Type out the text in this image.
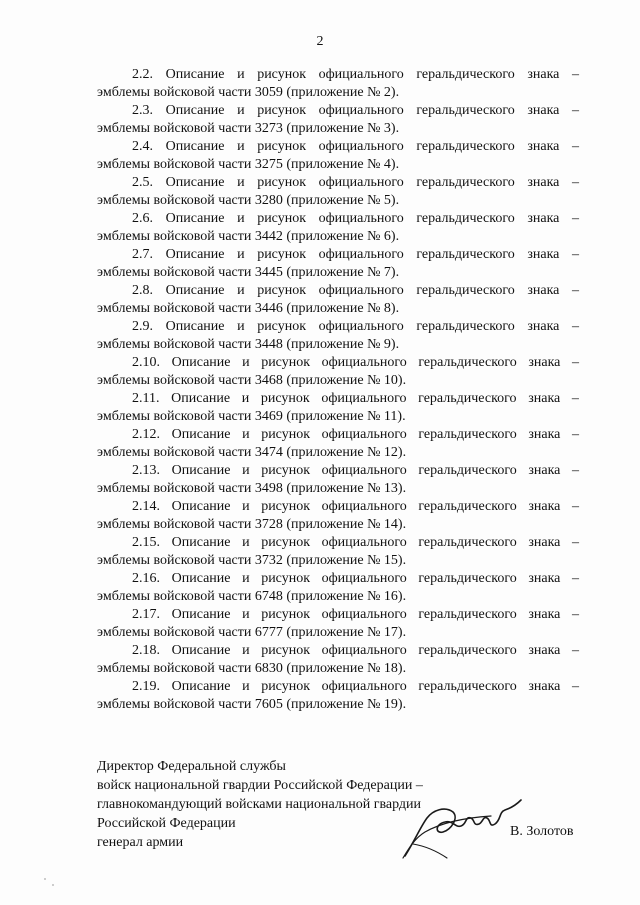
2
2.2. Описание и рисунок официального геральдического знака –
эмблемы войсковой части 3059 (приложение № 2).
2.3. Описание и рисунок официального геральдического знака –
эмблемы войсковой части 3273 (приложение № 3).
2.4. Описание и рисунок официального геральдического знака –
эмблемы войсковой части 3275 (приложение № 4).
2.5. Описание и рисунок официального геральдического знака –
эмблемы войсковой части 3280 (приложение № 5).
2.6. Описание и рисунок официального геральдического знака –
эмблемы войсковой части 3442 (приложение № 6).
2.7. Описание и рисунок официального геральдического знака –
эмблемы войсковой части 3445 (приложение № 7).
2.8. Описание и рисунок официального геральдического знака –
эмблемы войсковой части 3446 (приложение № 8).
2.9. Описание и рисунок официального геральдического знака –
эмблемы войсковой части 3448 (приложение № 9).
2.10. Описание и рисунок официального геральдического знака –
эмблемы войсковой части 3468 (приложение № 10).
2.11. Описание и рисунок официального геральдического знака –
эмблемы войсковой части 3469 (приложение № 11).
2.12. Описание и рисунок официального геральдического знака –
эмблемы войсковой части 3474 (приложение № 12).
2.13. Описание и рисунок официального геральдического знака –
эмблемы войсковой части 3498 (приложение № 13).
2.14. Описание и рисунок официального геральдического знака –
эмблемы войсковой части 3728 (приложение № 14).
2.15. Описание и рисунок официального геральдического знака –
эмблемы войсковой части 3732 (приложение № 15).
2.16. Описание и рисунок официального геральдического знака –
эмблемы войсковой части 6748 (приложение № 16).
2.17. Описание и рисунок официального геральдического знака –
эмблемы войсковой части 6777 (приложение № 17).
2.18. Описание и рисунок официального геральдического знака –
эмблемы войсковой части 6830 (приложение № 18).
2.19. Описание и рисунок официального геральдического знака –
эмблемы войсковой части 7605 (приложение № 19).
Директор Федеральной службы
войск национальной гвардии Российской Федерации –
главнокомандующий войсками национальной гвардии
Российской Федерации
генерал армии
В. Золотов
